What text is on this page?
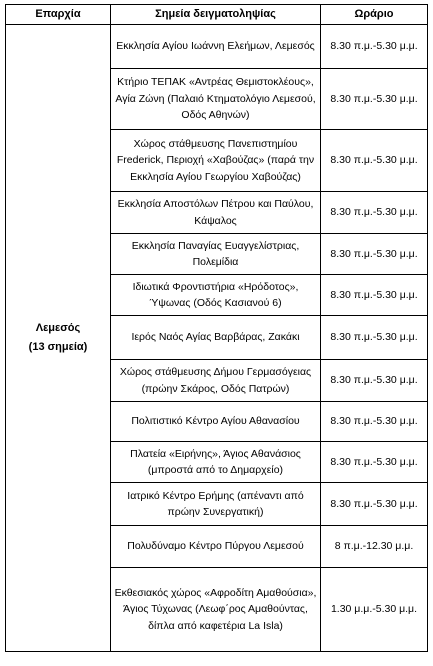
Επαρχία	Σημεία δειγματοληψίας	Ωράριο

Λεμεσός
(13 σημεία)	Εκκλησία Αγίου Ιωάννη Ελεήμων, Λεμεσός	8.30 π.μ.-5.30 μ.μ.
	Κτήριο ΤΕΠΑΚ «Αντρέας Θεμιστοκλέους», Αγία Ζώνη (Παλαιό Κτηματολόγιο Λεμεσού, Οδός Αθηνών)	8.30 π.μ.-5.30 μ.μ.
	Χώρος στάθμευσης Πανεπιστημίου Frederick, Περιοχή «Χαβούζας» (παρά την Εκκλησία Αγίου Γεωργίου Χαβούζας)	8.30 π.μ.-5.30 μ.μ.
	Εκκλησία Αποστόλων Πέτρου και Παύλου, Κάψαλος	8.30 π.μ.-5.30 μ.μ.
	Εκκλησία Παναγίας Ευαγγελίστριας, Πολεμίδια	8.30 π.μ.-5.30 μ.μ.
	Ιδιωτικά Φροντιστήρια «Ηρόδοτος», Ύψωνας (Οδός Κασιανού 6)	8.30 π.μ.-5.30 μ.μ.
	Ιερός Ναός Αγίας Βαρβάρας, Ζακάκι	8.30 π.μ.-5.30 μ.μ.
	Χώρος στάθμευσης Δήμου Γερμασόγειας (πρώην Σκάρος, Οδός Πατρών)	8.30 π.μ.-5.30 μ.μ.
	Πολιτιστικό Κέντρο Αγίου Αθανασίου	8.30 π.μ.-5.30 μ.μ.
	Πλατεία «Ειρήνης», Άγιος Αθανάσιος (μπροστά από το Δημαρχείο)	8.30 π.μ.-5.30 μ.μ.
	Ιατρικό Κέντρο Ερήμης (απέναντι από πρώην Συνεργατική)	8.30 π.μ.-5.30 μ.μ.
	Πολυδύναμο Κέντρο Πύργου Λεμεσού	8 π.μ.-12.30 μ.μ.
	Εκθεσιακός χώρος «Αφροδίτη Αμαθούσια», Άγιος Τύχωνας (Λεωφ΄ρος Αμαθούντας, δίπλα από καφετέρια La Isla)	1.30 μ.μ.-5.30 μ.μ.
